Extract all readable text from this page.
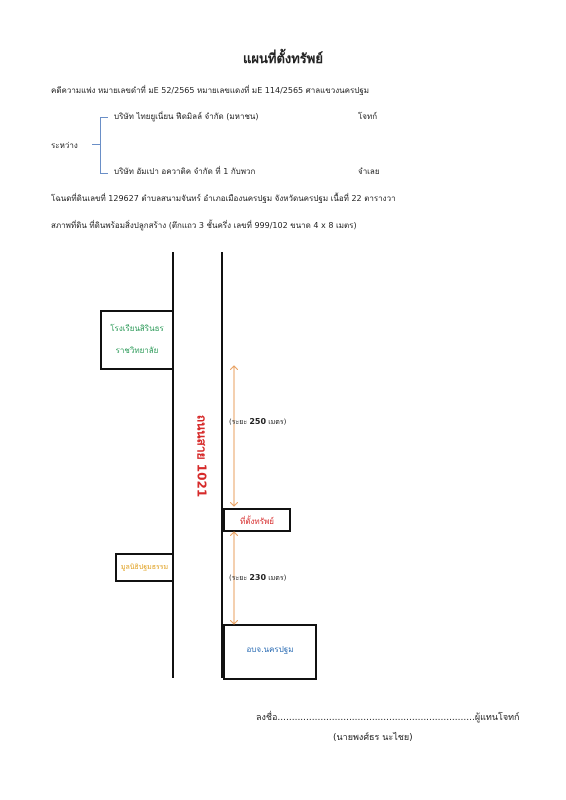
แผนที่ตั้งทรัพย์
คดีความแพ่ง หมายเลขดำที่ มE 52/2565 หมายเลขแดงที่ มE 114/2565 ศาลแขวงนครปฐม
บริษัท ไทยยูเนี่ยน ฟีดมิลล์ จำกัด (มหาชน)	โจทก์
ระหว่าง
บริษัท อัมเปา อควาติค จำกัด ที่ 1 กับพวก	จำเลย
โฉนดที่ดินเลขที่ 129627 ตำบลสนามจันทร์ อำเภอเมืองนครปฐม จังหวัดนครปฐม เนื้อที่ 22 ตารางวา
สภาพที่ดิน ที่ดินพร้อมสิ่งปลูกสร้าง (ตึกแถว 3 ชั้นครึ่ง เลขที่ 999/102 ขนาด 4 x 8 เมตร)
ถนนสาย 1021
โรงเรียนสิรินธร
ราชวิทยาลัย
มูลนิธิปฐมธรรม
ที่ตั้งทรัพย์
อบจ.นครปฐม
(ระยะ 250 เมตร)
(ระยะ 230 เมตร)
ลงชื่อ.....................................................................ผู้แทนโจทก์
(นายพงศ์ธร นะไชย)
